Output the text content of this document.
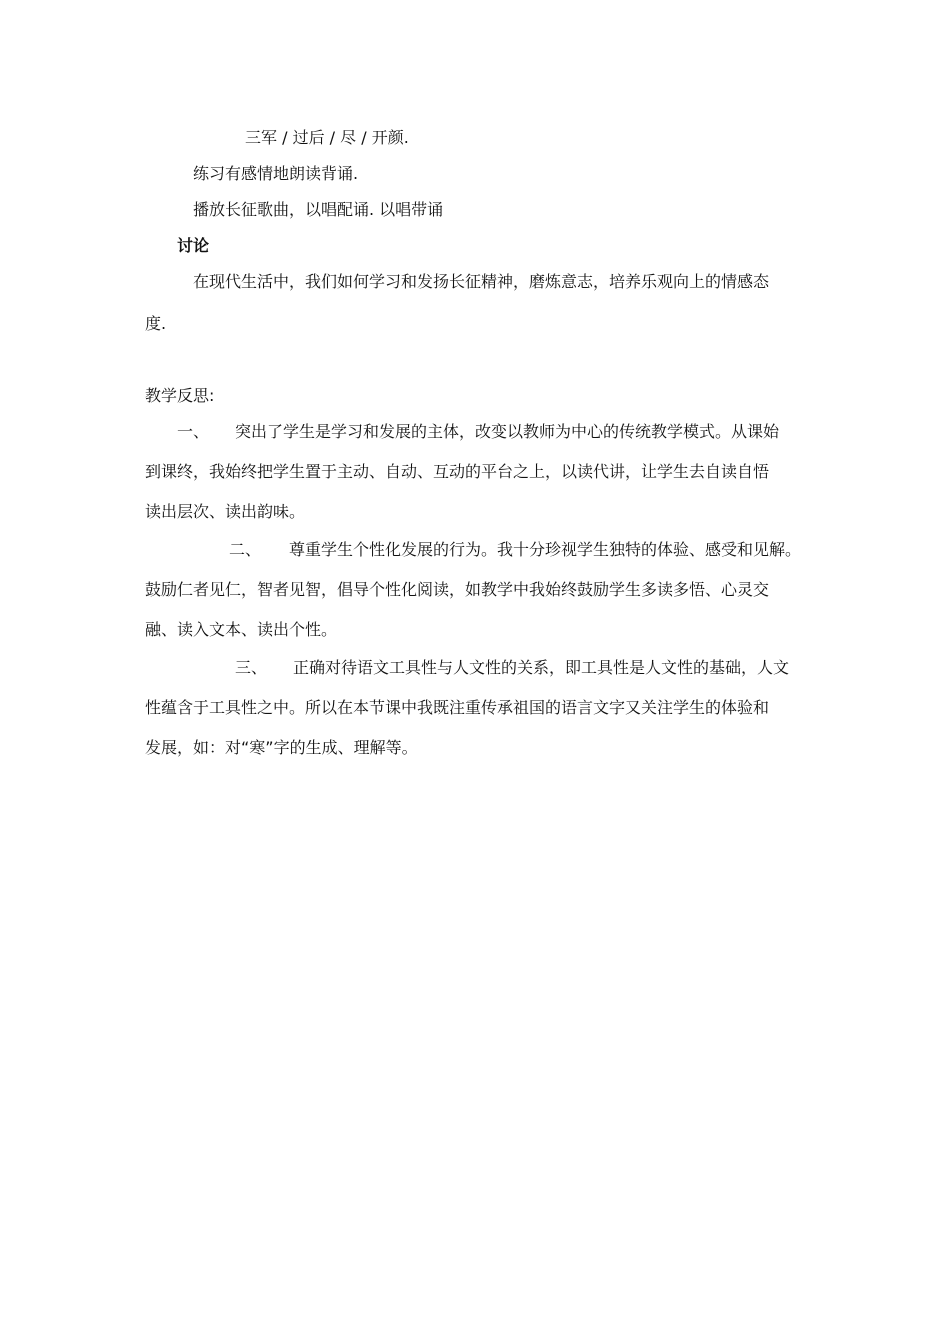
三军 / 过后 / 尽 / 开颜.

练习有感情地朗读背诵.

播放长征歌曲，以唱配诵. 以唱带诵

讨论

在现代生活中，我们如何学习和发扬长征精神，磨炼意志，培养乐观向上的情感态

度.

教学反思:

一、 突出了学生是学习和发展的主体，改变以教师为中心的传统教学模式。从课始

到课终，我始终把学生置于主动、自动、互动的平台之上，以读代讲，让学生去自读自悟

读出层次、读出韵味。

二、 尊重学生个性化发展的行为。我十分珍视学生独特的体验、感受和见解。

鼓励仁者见仁，智者见智，倡导个性化阅读，如教学中我始终鼓励学生多读多悟、心灵交

融、读入文本、读出个性。

三、 正确对待语文工具性与人文性的关系，即工具性是人文性的基础，人文

性蕴含于工具性之中。所以在本节课中我既注重传承祖国的语言文字又关注学生的体验和

发展，如：对“寒”字的生成、理解等。
